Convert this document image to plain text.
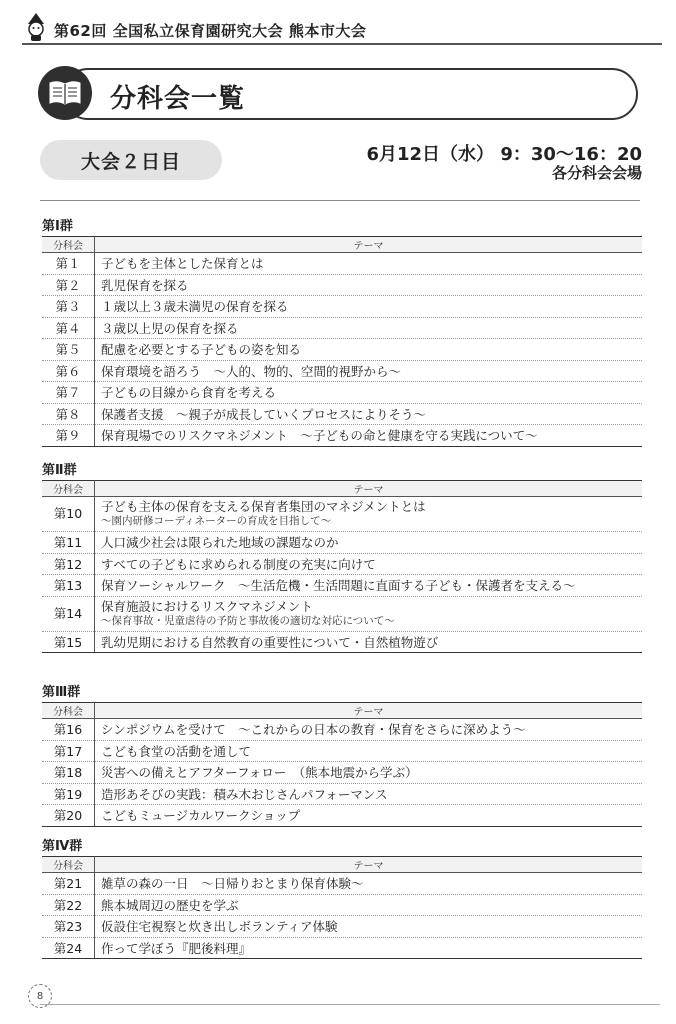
第62回 全国私立保育園研究大会 熊本市大会
分科会一覧
大会２日目	6月12日（水） 9：30～16：20
各分科会会場
第Ⅰ群
分科会	テーマ
第１	子どもを主体とした保育とは
第２	乳児保育を探る
第３	１歳以上３歳未満児の保育を探る
第４	３歳以上児の保育を探る
第５	配慮を必要とする子どもの姿を知る
第６	保育環境を語ろう　～人的、物的、空間的視野から～
第７	子どもの目線から食育を考える
第８	保護者支援　～親子が成長していくプロセスによりそう～
第９	保育現場でのリスクマネジメント　～子どもの命と健康を守る実践について～
第Ⅱ群
分科会	テーマ
第10	子ども主体の保育を支える保育者集団のマネジメントとは
～園内研修コーディネーターの育成を目指して～

第11	人口減少社会は限られた地域の課題なのか
第12	すべての子どもに求められる制度の充実に向けて
第13	保育ソーシャルワーク　～生活危機・生活問題に直面する子ども・保護者を支える～
第14	保育施設におけるリスクマネジメント
～保育事故・児童虐待の予防と事故後の適切な対応について～

第15	乳幼児期における自然教育の重要性について・自然植物遊び
第Ⅲ群
分科会	テーマ
第16	シンポジウムを受けて　～これからの日本の教育・保育をさらに深めよう～
第17	こども食堂の活動を通して
第18	災害への備えとアフターフォロー　（熊本地震から学ぶ）
第19	造形あそびの実践：積み木おじさんパフォーマンス
第20	こどもミュージカルワークショップ
第Ⅳ群
分科会	テーマ
第21	雑草の森の一日　～日帰りおとまり保育体験～
第22	熊本城周辺の歴史を学ぶ
第23	仮設住宅視察と炊き出しボランティア体験
第24	作って学ぼう『肥後料理』
8
